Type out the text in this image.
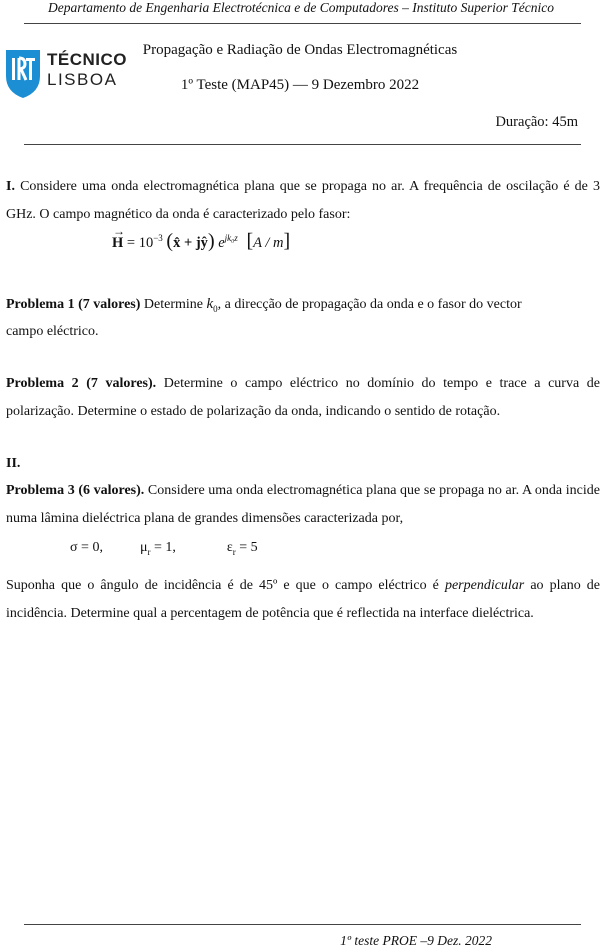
Departamento de Engenharia Electrotécnica e de Computadores – Instituto Superior Técnico
TÉCNICO
LISBOA
Propagação e Radiação de Ondas Electromagnéticas
1º Teste (MAP45) — 9 Dezembro 2022
Duração: 45m
I. Considere uma onda electromagnética plana que se propaga no ar. A frequência de oscilação é de 3 GHz. O campo magnético da onda é caracterizado pelo fasor:
→
$H = 10^{-3}$ (x̂ + jŷ) $e^{jk_0z}$  [A / m]
Problema 1 (7 valores) Determine $k_0$, a direcção de propagação da onda e o fasor do vector
campo eléctrico.
Problema 2 (7 valores). Determine o campo eléctrico no domínio do tempo e trace a curva de polarização. Determine o estado de polarização da onda, indicando o sentido de rotação.
II.
Problema 3 (6 valores). Considere uma onda electromagnética plana que se propaga no ar. A onda incide numa lâmina dieléctrica plana de grandes dimensões caracterizada por,
σ = 0,	$\mu_r = 1$,	$\varepsilon_r = 5$
Suponha que o ângulo de incidência é de 45º e que o campo eléctrico é perpendicular ao plano de incidência. Determine qual a percentagem de potência que é reflectida na interface dieléctrica.
1º teste PROE –9 Dez. 2022
